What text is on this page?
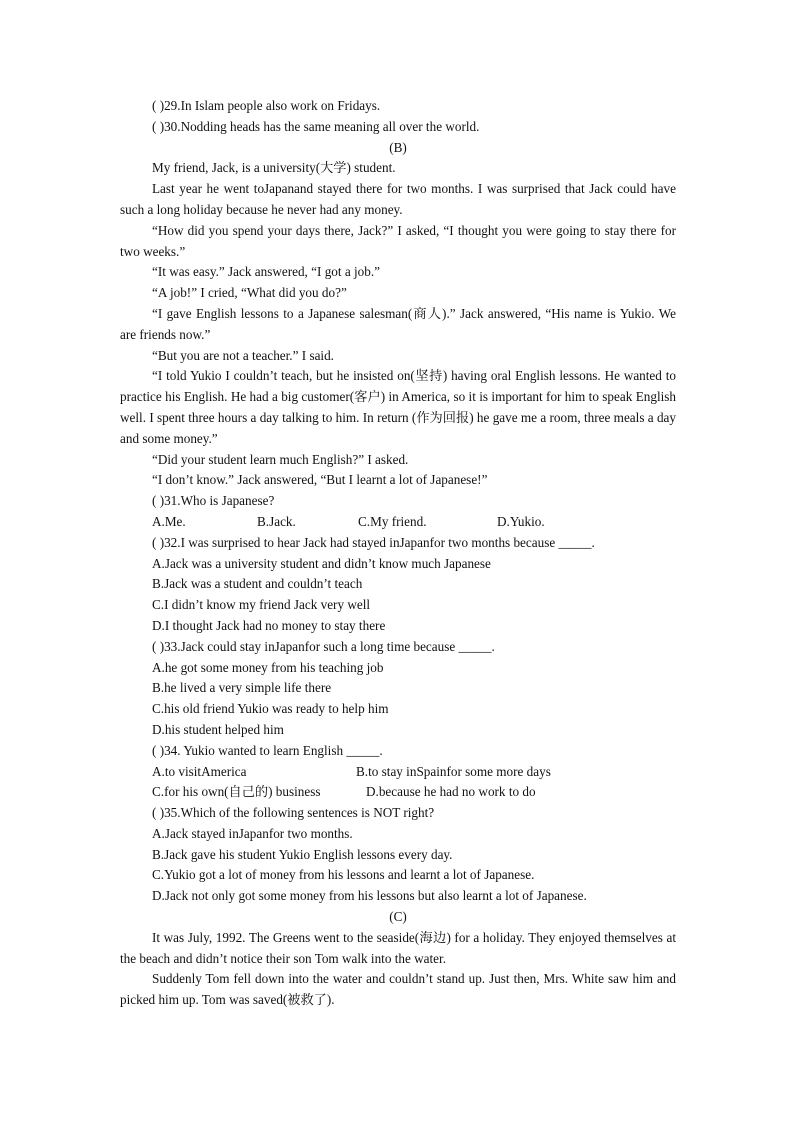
( )29.In Islam people also work on Fridays.

( )30.Nodding heads has the same meaning all over the world.

(B)

My friend, Jack, is a university(大学) student.

Last year he went toJapanand stayed there for two months. I was surprised that Jack could have such a long holiday because he never had any money.

“How did you spend your days there, Jack?” I asked, “I thought you were going to stay there for two weeks.”

“It was easy.” Jack answered, “I got a job.”

“A job!” I cried, “What did you do?”

“I gave English lessons to a Japanese salesman(商人).” Jack answered, “His name is Yukio. We are friends now.”

“But you are not a teacher.” I said.

“I told Yukio I couldn’t teach, but he insisted on(坚持) having oral English lessons. He wanted to practice his English. He had a big customer(客户) in America, so it is important for him to speak English well. I spent three hours a day talking to him. In return (作为回报) he gave me a room, three meals a day and some money.”

“Did your student learn much English?” I asked.

“I don’t know.” Jack answered, “But I learnt a lot of Japanese!”

( )31.Who is Japanese?

A.Me.	B.Jack.	C.My friend.	D.Yukio.

( )32.I was surprised to hear Jack had stayed inJapanfor two months because _____.

A.Jack was a university student and didn’t know much Japanese

B.Jack was a student and couldn’t teach

C.I didn’t know my friend Jack very well

D.I thought Jack had no money to stay there

( )33.Jack could stay inJapanfor such a long time because _____.

A.he got some money from his teaching job

B.he lived a very simple life there

C.his old friend Yukio was ready to help him

D.his student helped him

( )34. Yukio wanted to learn English _____.

A.to visitAmerica	B.to stay inSpainfor some more days
C.for his own(自己的) business	D.because he had no work to do

( )35.Which of the following sentences is NOT right?

A.Jack stayed inJapanfor two months.

B.Jack gave his student Yukio English lessons every day.

C.Yukio got a lot of money from his lessons and learnt a lot of Japanese.

D.Jack not only got some money from his lessons but also learnt a lot of Japanese.

(C)

It was July, 1992. The Greens went to the seaside(海边) for a holiday. They enjoyed themselves at the beach and didn’t notice their son Tom walk into the water.

Suddenly Tom fell down into the water and couldn’t stand up. Just then, Mrs. White saw him and picked him up. Tom was saved(被救了).
